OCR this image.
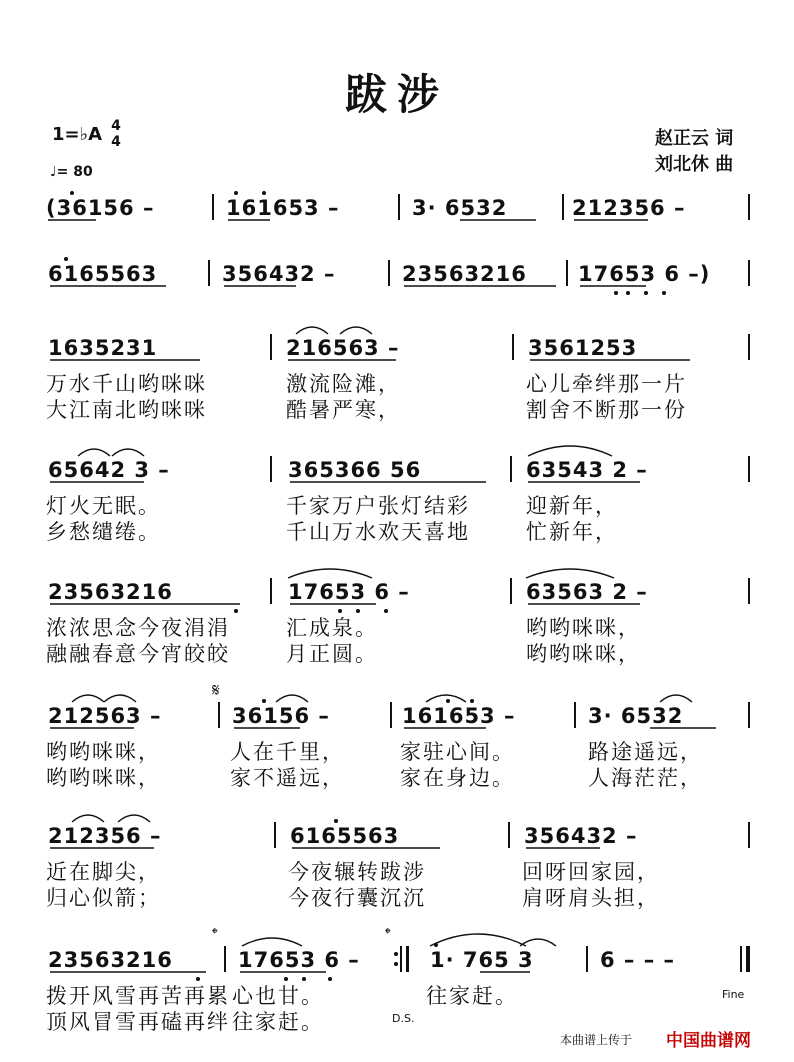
跋涉
1=♭A 4
4
♩= 80
赵正云 词
刘北休 曲
(36156 –	161653 –	3· 6532	212356 –
6165563	356432 –	23563216 17653 6 –)
1635231	216563 –	3561253
万水千山哟咪咪	激流险滩，	心儿牵绊那一片
大江南北哟咪咪	酷暑严寒，	割舍不断那一份
65642 3 –	365366 56	63543 2 –
灯火无眠。	千家万户张灯结彩	迎新年，
乡愁缱绻。	千山万水欢天喜地	忙新年，
23563216	17653 6 –	63563 2 –
浓浓思念今夜涓涓	汇成泉。	哟哟咪咪，
融融春意今宵皎皎	月正圆。	哟哟咪咪，
212563 –	36156 –	161653 –	3· 6532
𝄋
哟哟咪咪，	人在千里，	家驻心间。	路途遥远，
哟哟咪咪，	家不遥远，	家在身边。	人海茫茫，
212356 –	6165563	356432 –
近在脚尖，	今夜辗转跋涉	回呀回家园，
归心似箭；	今夜行囊沉沉	肩呀肩头担，
23563216	17653 6 –	1· 765 3	6 – – –
𝄌	𝄌
拨开风雪再苦再累 心也甘。	往家赶。
顶风冒雪再磕再绊 往家赶。
Fine
D.S.
本曲谱上传于 中国曲谱网
